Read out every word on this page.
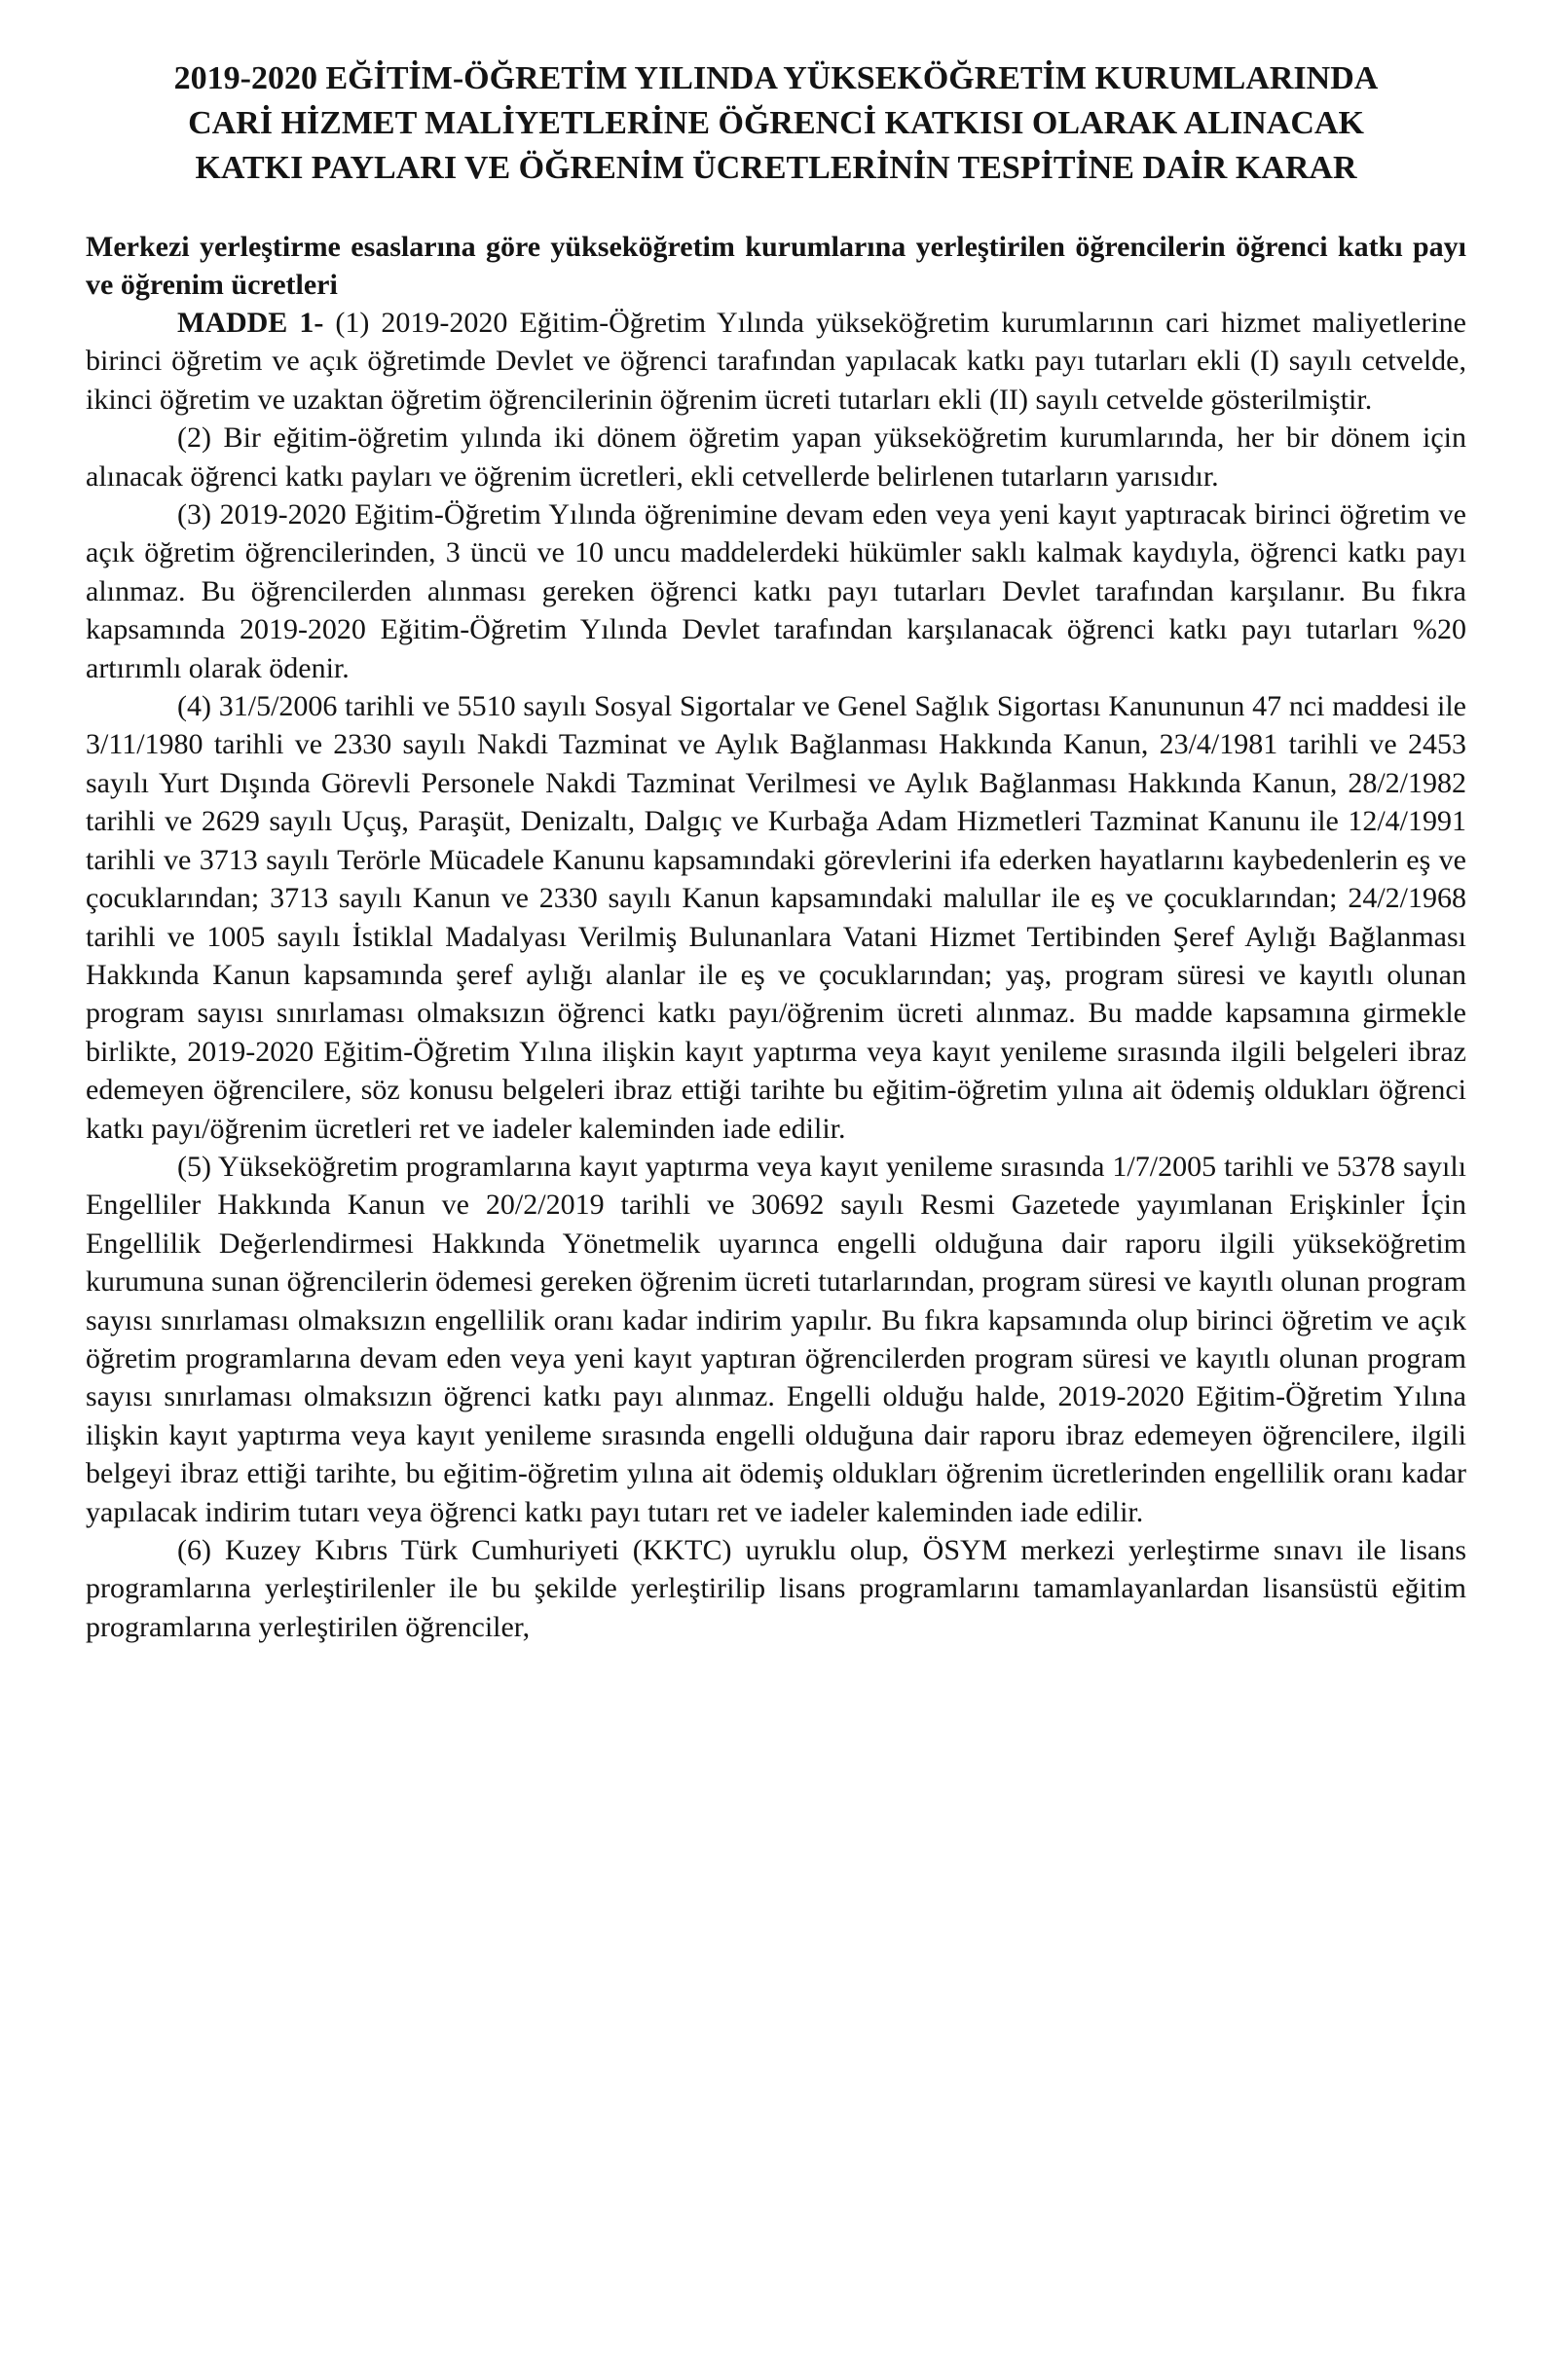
2019-2020 EĞİTİM-ÖĞRETİM YILINDA YÜKSEKÖĞRETİM KURUMLARINDA
CARİ HİZMET MALİYETLERİNE ÖĞRENCİ KATKISI OLARAK ALINACAK
KATKI PAYLARI VE ÖĞRENİM ÜCRETLERİNİN TESPİTİNE DAİR KARAR

Merkezi yerleştirme esaslarına göre yükseköğretim kurumlarına yerleştirilen öğrencilerin öğrenci katkı payı ve öğrenim ücretleri

MADDE 1- (1) 2019-2020 Eğitim-Öğretim Yılında yükseköğretim kurumlarının cari hizmet maliyetlerine birinci öğretim ve açık öğretimde Devlet ve öğrenci tarafından yapılacak katkı payı tutarları ekli (I) sayılı cetvelde, ikinci öğretim ve uzaktan öğretim öğrencilerinin öğrenim ücreti tutarları ekli (II) sayılı cetvelde gösterilmiştir.

(2) Bir eğitim-öğretim yılında iki dönem öğretim yapan yükseköğretim kurumlarında, her bir dönem için alınacak öğrenci katkı payları ve öğrenim ücretleri, ekli cetvellerde belirlenen tutarların yarısıdır.

(3) 2019-2020 Eğitim-Öğretim Yılında öğrenimine devam eden veya yeni kayıt yaptıracak birinci öğretim ve açık öğretim öğrencilerinden, 3 üncü ve 10 uncu maddelerdeki hükümler saklı kalmak kaydıyla, öğrenci katkı payı alınmaz. Bu öğrencilerden alınması gereken öğrenci katkı payı tutarları Devlet tarafından karşılanır. Bu fıkra kapsamında 2019-2020 Eğitim-Öğretim Yılında Devlet tarafından karşılanacak öğrenci katkı payı tutarları %20 artırımlı olarak ödenir.

(4) 31/5/2006 tarihli ve 5510 sayılı Sosyal Sigortalar ve Genel Sağlık Sigortası Kanununun 47 nci maddesi ile 3/11/1980 tarihli ve 2330 sayılı Nakdi Tazminat ve Aylık Bağlanması Hakkında Kanun, 23/4/1981 tarihli ve 2453 sayılı Yurt Dışında Görevli Personele Nakdi Tazminat Verilmesi ve Aylık Bağlanması Hakkında Kanun, 28/2/1982 tarihli ve 2629 sayılı Uçuş, Paraşüt, Denizaltı, Dalgıç ve Kurbağa Adam Hizmetleri Tazminat Kanunu ile 12/4/1991 tarihli ve 3713 sayılı Terörle Mücadele Kanunu kapsamındaki görevlerini ifa ederken hayatlarını kaybedenlerin eş ve çocuklarından; 3713 sayılı Kanun ve 2330 sayılı Kanun kapsamındaki malullar ile eş ve çocuklarından; 24/2/1968 tarihli ve 1005 sayılı İstiklal Madalyası Verilmiş Bulunanlara Vatani Hizmet Tertibinden Şeref Aylığı Bağlanması Hakkında Kanun kapsamında şeref aylığı alanlar ile eş ve çocuklarından; yaş, program süresi ve kayıtlı olunan program sayısı sınırlaması olmaksızın öğrenci katkı payı/öğrenim ücreti alınmaz. Bu madde kapsamına girmekle birlikte, 2019-2020 Eğitim-Öğretim Yılına ilişkin kayıt yaptırma veya kayıt yenileme sırasında ilgili belgeleri ibraz edemeyen öğrencilere, söz konusu belgeleri ibraz ettiği tarihte bu eğitim-öğretim yılına ait ödemiş oldukları öğrenci katkı payı/öğrenim ücretleri ret ve iadeler kaleminden iade edilir.

(5) Yükseköğretim programlarına kayıt yaptırma veya kayıt yenileme sırasında 1/7/2005 tarihli ve 5378 sayılı Engelliler Hakkında Kanun ve 20/2/2019 tarihli ve 30692 sayılı Resmi Gazetede yayımlanan Erişkinler İçin Engellilik Değerlendirmesi Hakkında Yönetmelik uyarınca engelli olduğuna dair raporu ilgili yükseköğretim kurumuna sunan öğrencilerin ödemesi gereken öğrenim ücreti tutarlarından, program süresi ve kayıtlı olunan program sayısı sınırlaması olmaksızın engellilik oranı kadar indirim yapılır. Bu fıkra kapsamında olup birinci öğretim ve açık öğretim programlarına devam eden veya yeni kayıt yaptıran öğrencilerden program süresi ve kayıtlı olunan program sayısı sınırlaması olmaksızın öğrenci katkı payı alınmaz. Engelli olduğu halde, 2019-2020 Eğitim-Öğretim Yılına ilişkin kayıt yaptırma veya kayıt yenileme sırasında engelli olduğuna dair raporu ibraz edemeyen öğrencilere, ilgili belgeyi ibraz ettiği tarihte, bu eğitim-öğretim yılına ait ödemiş oldukları öğrenim ücretlerinden engellilik oranı kadar yapılacak indirim tutarı veya öğrenci katkı payı tutarı ret ve iadeler kaleminden iade edilir.

(6) Kuzey Kıbrıs Türk Cumhuriyeti (KKTC) uyruklu olup, ÖSYM merkezi yerleştirme sınavı ile lisans programlarına yerleştirilenler ile bu şekilde yerleştirilip lisans programlarını tamamlayanlardan lisansüstü eğitim programlarına yerleştirilen öğrenciler,
